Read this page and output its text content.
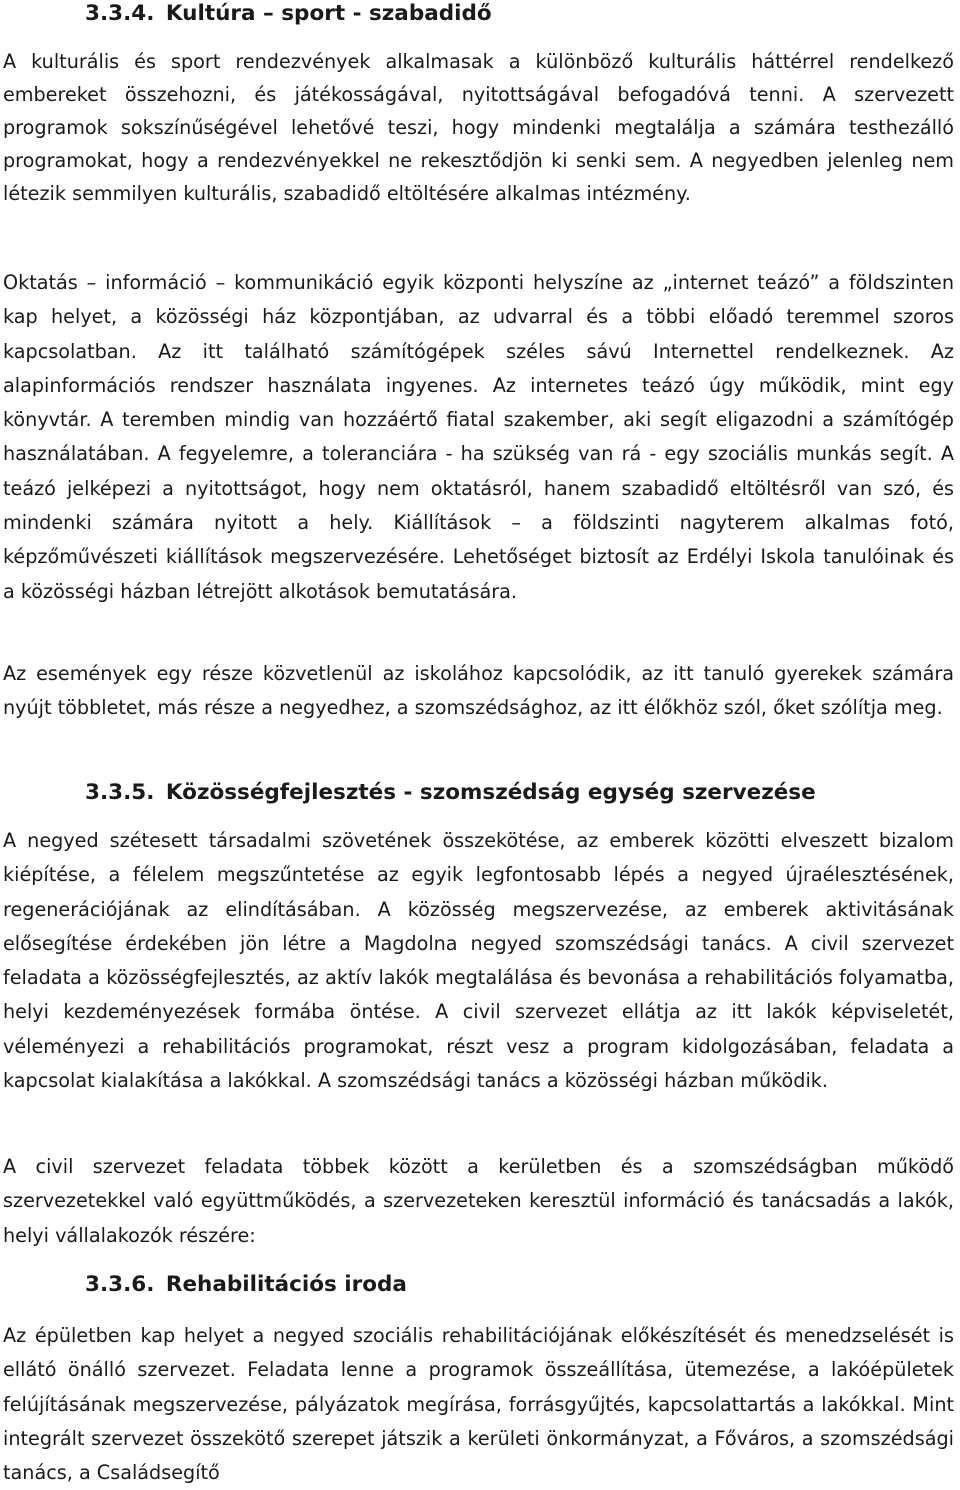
3.3.4. Kultúra – sport - szabadidő

A kulturális és sport rendezvények alkalmasak a különböző kulturális háttérrel rendelkező embereket összehozni, és játékosságával, nyitottságával befogadóvá tenni. A szervezett programok sokszínűségével lehetővé teszi, hogy mindenki megtalálja a számára testhezálló programokat, hogy a rendezvényekkel ne rekesztődjön ki senki sem. A negyedben jelenleg nem létezik semmilyen kulturális, szabadidő eltöltésére alkalmas intézmény.

Oktatás – információ – kommunikáció egyik központi helyszíne az „internet teázó” a földszinten kap helyet, a közösségi ház központjában, az udvarral és a többi előadó teremmel szoros kapcsolatban. Az itt található számítógépek széles sávú Internettel rendelkeznek. Az alapinformációs rendszer használata ingyenes. Az internetes teázó úgy működik, mint egy könyvtár. A teremben mindig van hozzáértő fiatal szakember, aki segít eligazodni a számítógép használatában. A fegyelemre, a toleranciára - ha szükség van rá - egy szociális munkás segít. A teázó jelképezi a nyitottságot, hogy nem oktatásról, hanem szabadidő eltöltésről van szó, és mindenki számára nyitott a hely. Kiállítások – a földszinti nagyterem alkalmas fotó, képzőművészeti kiállítások megszervezésére. Lehetőséget biztosít az Erdélyi Iskola tanulóinak és a közösségi házban létrejött alkotások bemutatására.

Az események egy része közvetlenül az iskolához kapcsolódik, az itt tanuló gyerekek számára nyújt többletet, más része a negyedhez, a szomszédsághoz, az itt élőkhöz szól, őket szólítja meg.

3.3.5. Közösségfejlesztés - szomszédság egység szervezése

A negyed szétesett társadalmi szövetének összekötése, az emberek közötti elveszett bizalom kiépítése, a félelem megszűntetése az egyik legfontosabb lépés a negyed újraélesztésének, regenerációjának az elindításában. A közösség megszervezése, az emberek aktivitásának elősegítése érdekében jön létre a Magdolna negyed szomszédsági tanács. A civil szervezet feladata a közösségfejlesztés, az aktív lakók megtalálása és bevonása a rehabilitációs folyamatba, helyi kezdeményezések formába öntése. A civil szervezet ellátja az itt lakók képviseletét, véleményezi a rehabilitációs programokat, részt vesz a program kidolgozásában, feladata a kapcsolat kialakítása a lakókkal. A szomszédsági tanács a közösségi házban működik.

A civil szervezet feladata többek között a kerületben és a szomszédságban működő szervezetekkel való együttműködés, a szervezeteken keresztül információ és tanácsadás a lakók, helyi vállalakozók részére:

3.3.6. Rehabilitációs iroda

Az épületben kap helyet a negyed szociális rehabilitációjának előkészítését és menedzselését is ellátó önálló szervezet. Feladata lenne a programok összeállítása, ütemezése, a lakóépületek felújításának megszervezése, pályázatok megírása, forrásgyűjtés, kapcsolattartás a lakókkal. Mint integrált szervezet összekötő szerepet játszik a kerületi önkormányzat, a Főváros, a szomszédsági tanács, a Családsegítő
